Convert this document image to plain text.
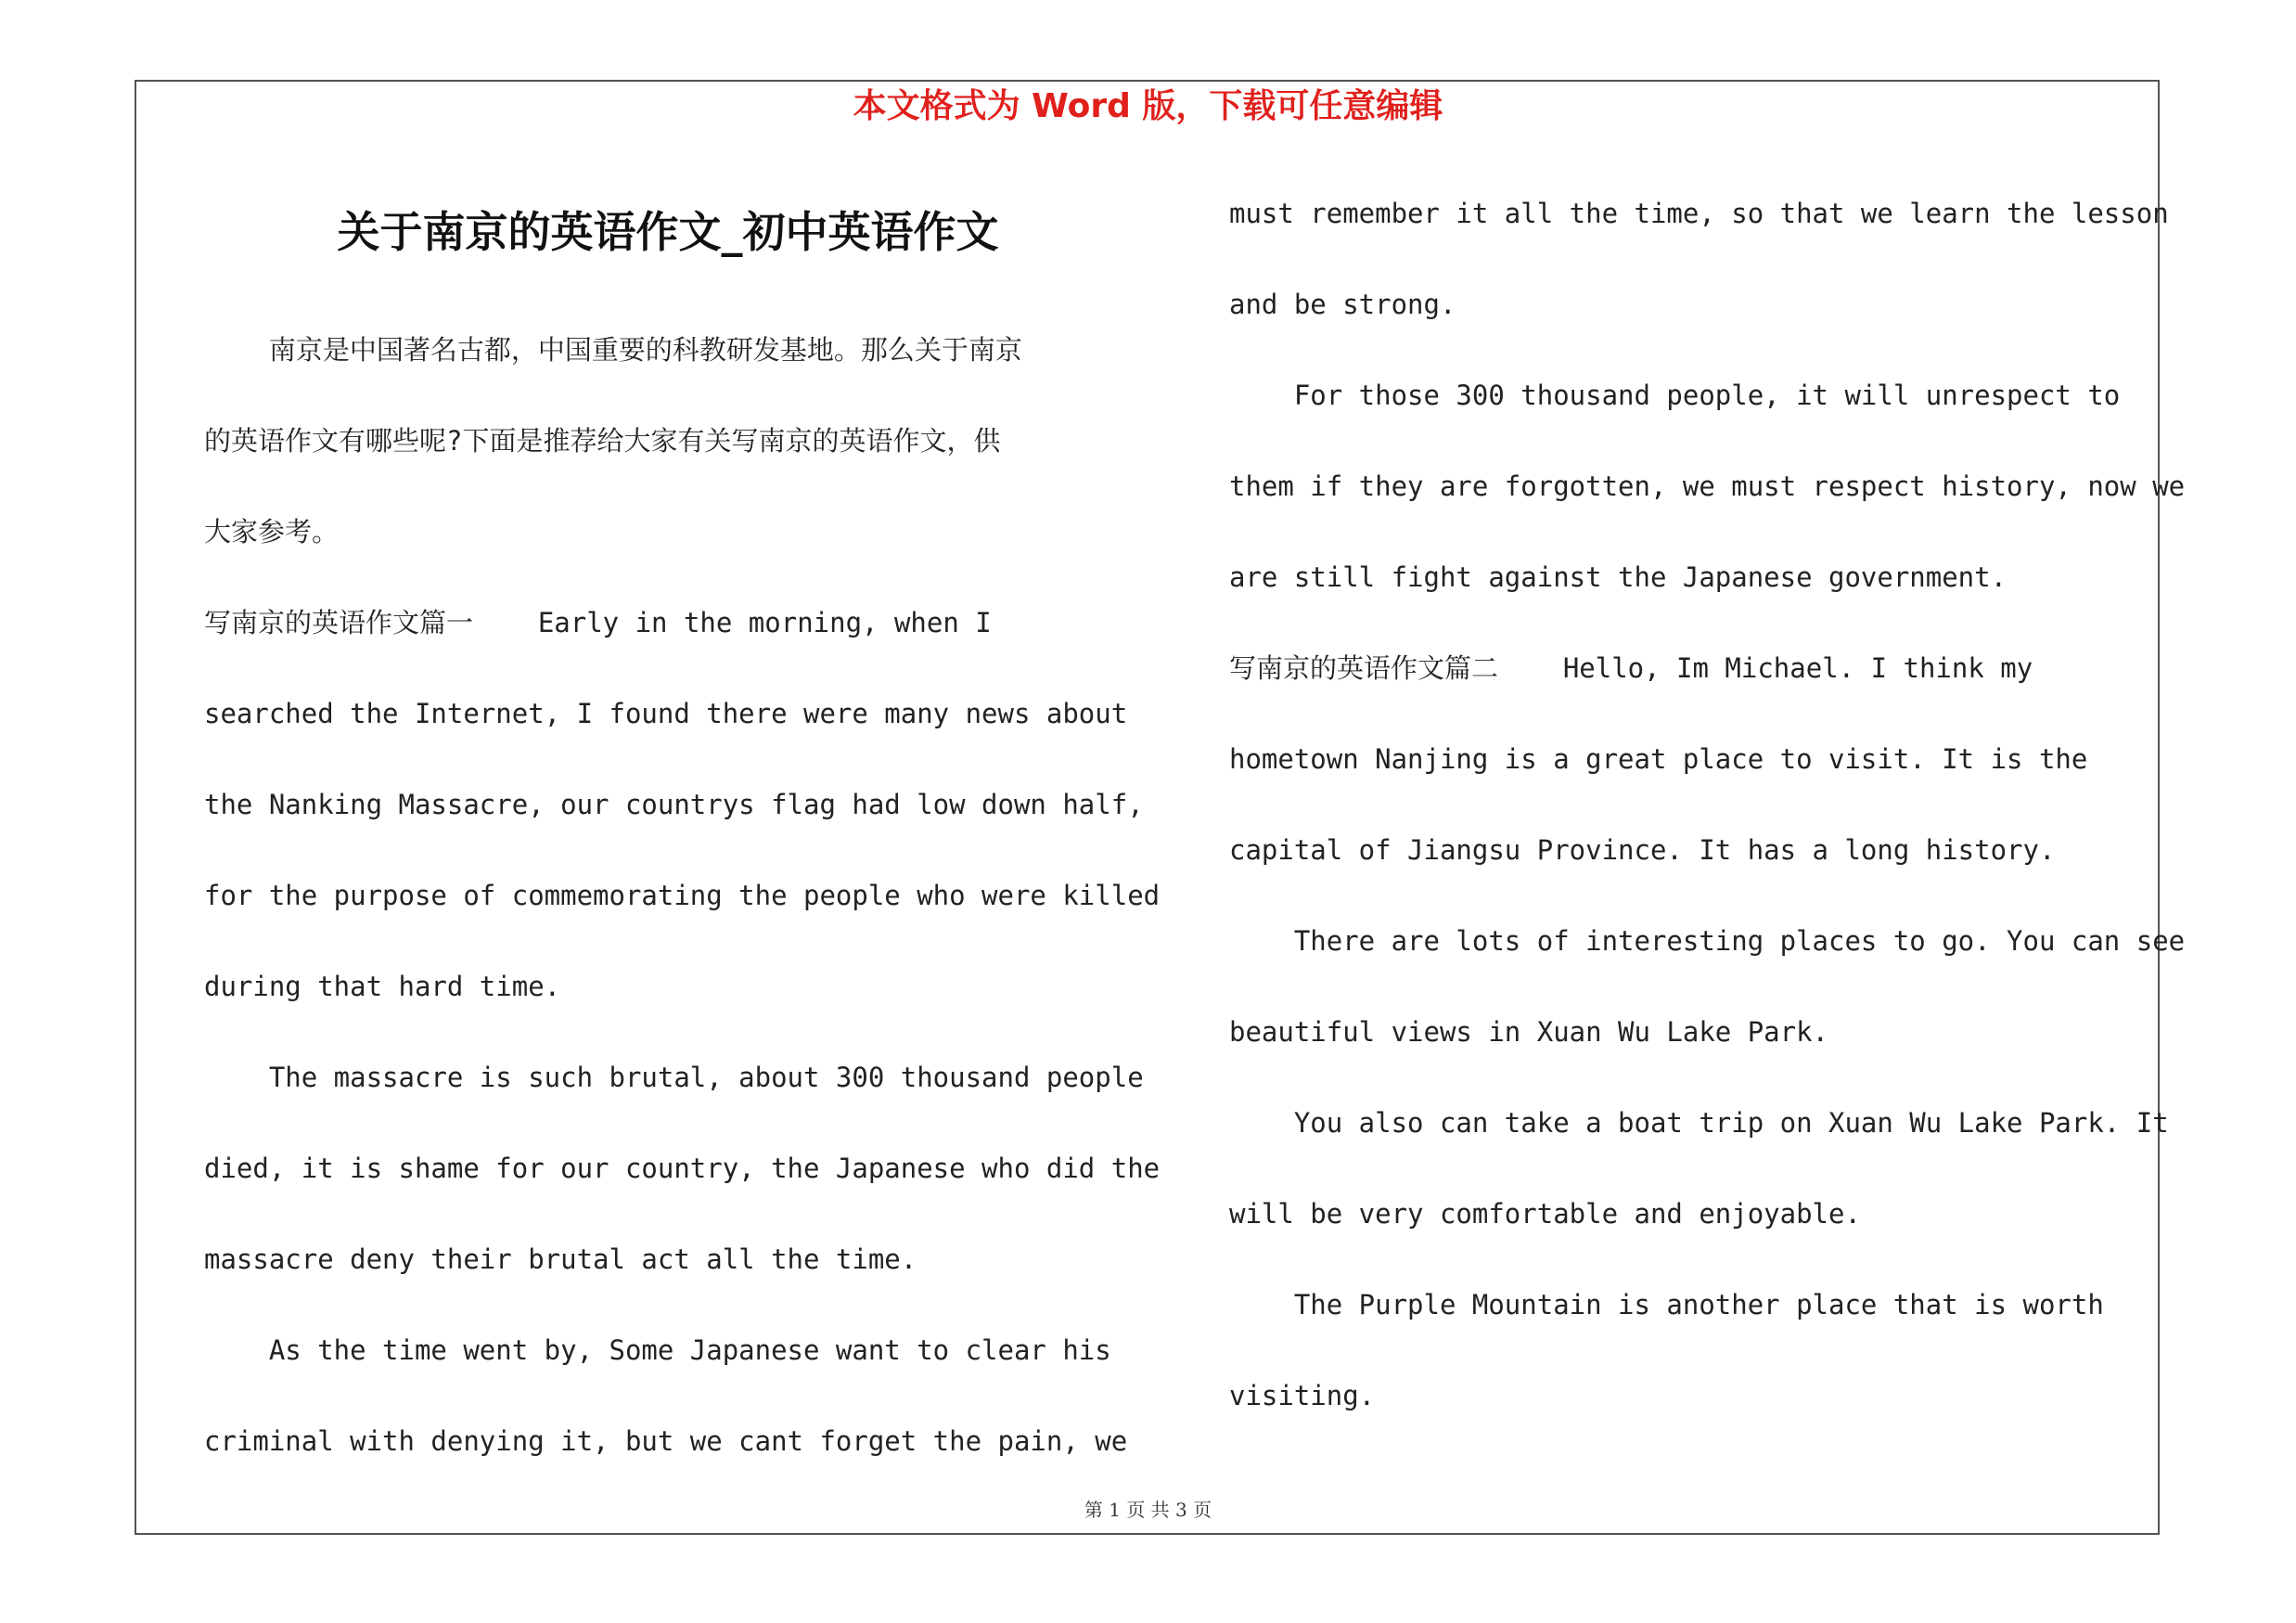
本文格式为 Word 版，下载可任意编辑
关于南京的英语作文_初中英语作文
南京是中国著名古都，中国重要的科教研发基地。那么关于南京
的英语作文有哪些呢?下面是推荐给大家有关写南京的英语作文，供
大家参考。
写南京的英语作文篇一    Early in the morning, when I
searched the Internet, I found there were many news about
the Nanking Massacre, our countrys flag had low down half,
for the purpose of commemorating the people who were killed
during that hard time.
The massacre is such brutal, about 300 thousand people
died, it is shame for our country, the Japanese who did the
massacre deny their brutal act all the time.
As the time went by, Some Japanese want to clear his
criminal with denying it, but we cant forget the pain, we
must remember it all the time, so that we learn the lesson
and be strong.
For those 300 thousand people, it will unrespect to
them if they are forgotten, we must respect history, now we
are still fight against the Japanese government.
写南京的英语作文篇二    Hello, Im Michael. I think my
hometown Nanjing is a great place to visit. It is the
capital of Jiangsu Province. It has a long history.
There are lots of interesting places to go. You can see
beautiful views in Xuan Wu Lake Park.
You also can take a boat trip on Xuan Wu Lake Park. It
will be very comfortable and enjoyable.
The Purple Mountain is another place that is worth
visiting.
第 1 页 共 3 页
